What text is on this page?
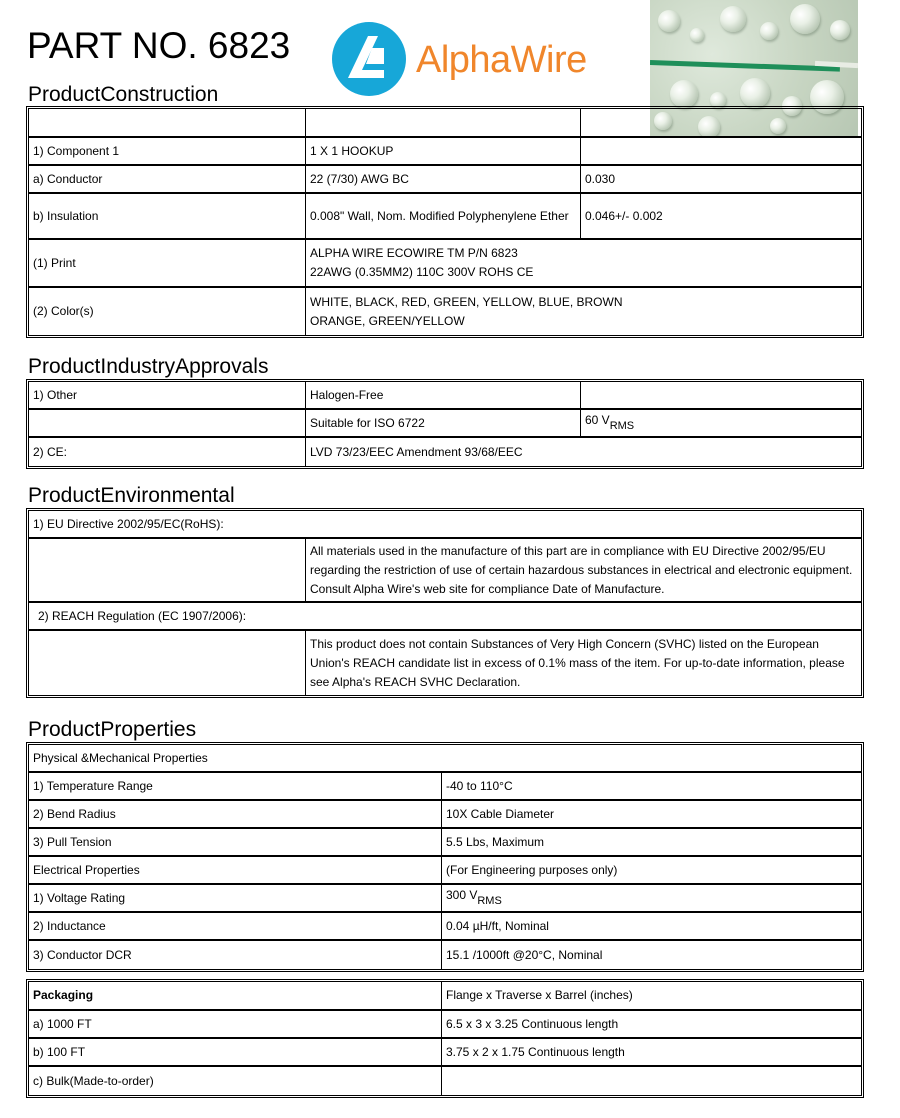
PART NO. 6823	AlphaWire
ProductConstruction

1) Component 1	1 X 1 HOOKUP	
a) Conductor	22 (7/30) AWG BC	0.030
b) Insulation	0.008" Wall, Nom. Modified Polyphenylene Ether	0.046+/- 0.002
(1) Print	ALPHA WIRE ECOWIRE TM P/N 6823
22AWG (0.35MM2) 110C 300V ROHS CE	

(2) Color(s)	WHITE, BLACK, RED, GREEN, YELLOW, BLUE, BROWN
ORANGE, GREEN/YELLOW	
ProductIndustryApprovals
1) Other	Halogen-Free	
	Suitable for ISO 6722	60 $V_{RMS}$
2) CE:	LVD 73/23/EEC Amendment 93/68/EEC	
ProductEnvironmental
1) EU Directive 2002/95/EC(RoHS):	
	All materials used in the manufacture of this part are in compliance with EU Directive 2002/95/EU regarding the restriction of use of certain hazardous substances in electrical and electronic equipment. Consult Alpha Wire's web site for compliance Date of Manufacture.
2) REACH Regulation (EC 1907/2006):	
	This product does not contain Substances of Very High Concern (SVHC) listed on the European Union's REACH candidate list in excess of 0.1% mass of the item. For up-to-date information, please see Alpha's REACH SVHC Declaration.
ProductProperties
Physical &Mechanical Properties	
1) Temperature Range	-40 to 110°C
2) Bend Radius	10X Cable Diameter
3) Pull Tension	5.5 Lbs, Maximum
Electrical Properties	(For Engineering purposes only)
1) Voltage Rating	300 $V_{RMS}$
2) Inductance	0.04 µH/ft, Nominal
3) Conductor DCR	15.1 /1000ft @20°C, Nominal
Packaging	Flange x Traverse x Barrel (inches)
a) 1000 FT	6.5 x 3 x 3.25 Continuous length
b) 100 FT	3.75 x 2 x 1.75 Continuous length
c) Bulk(Made-to-order)	
